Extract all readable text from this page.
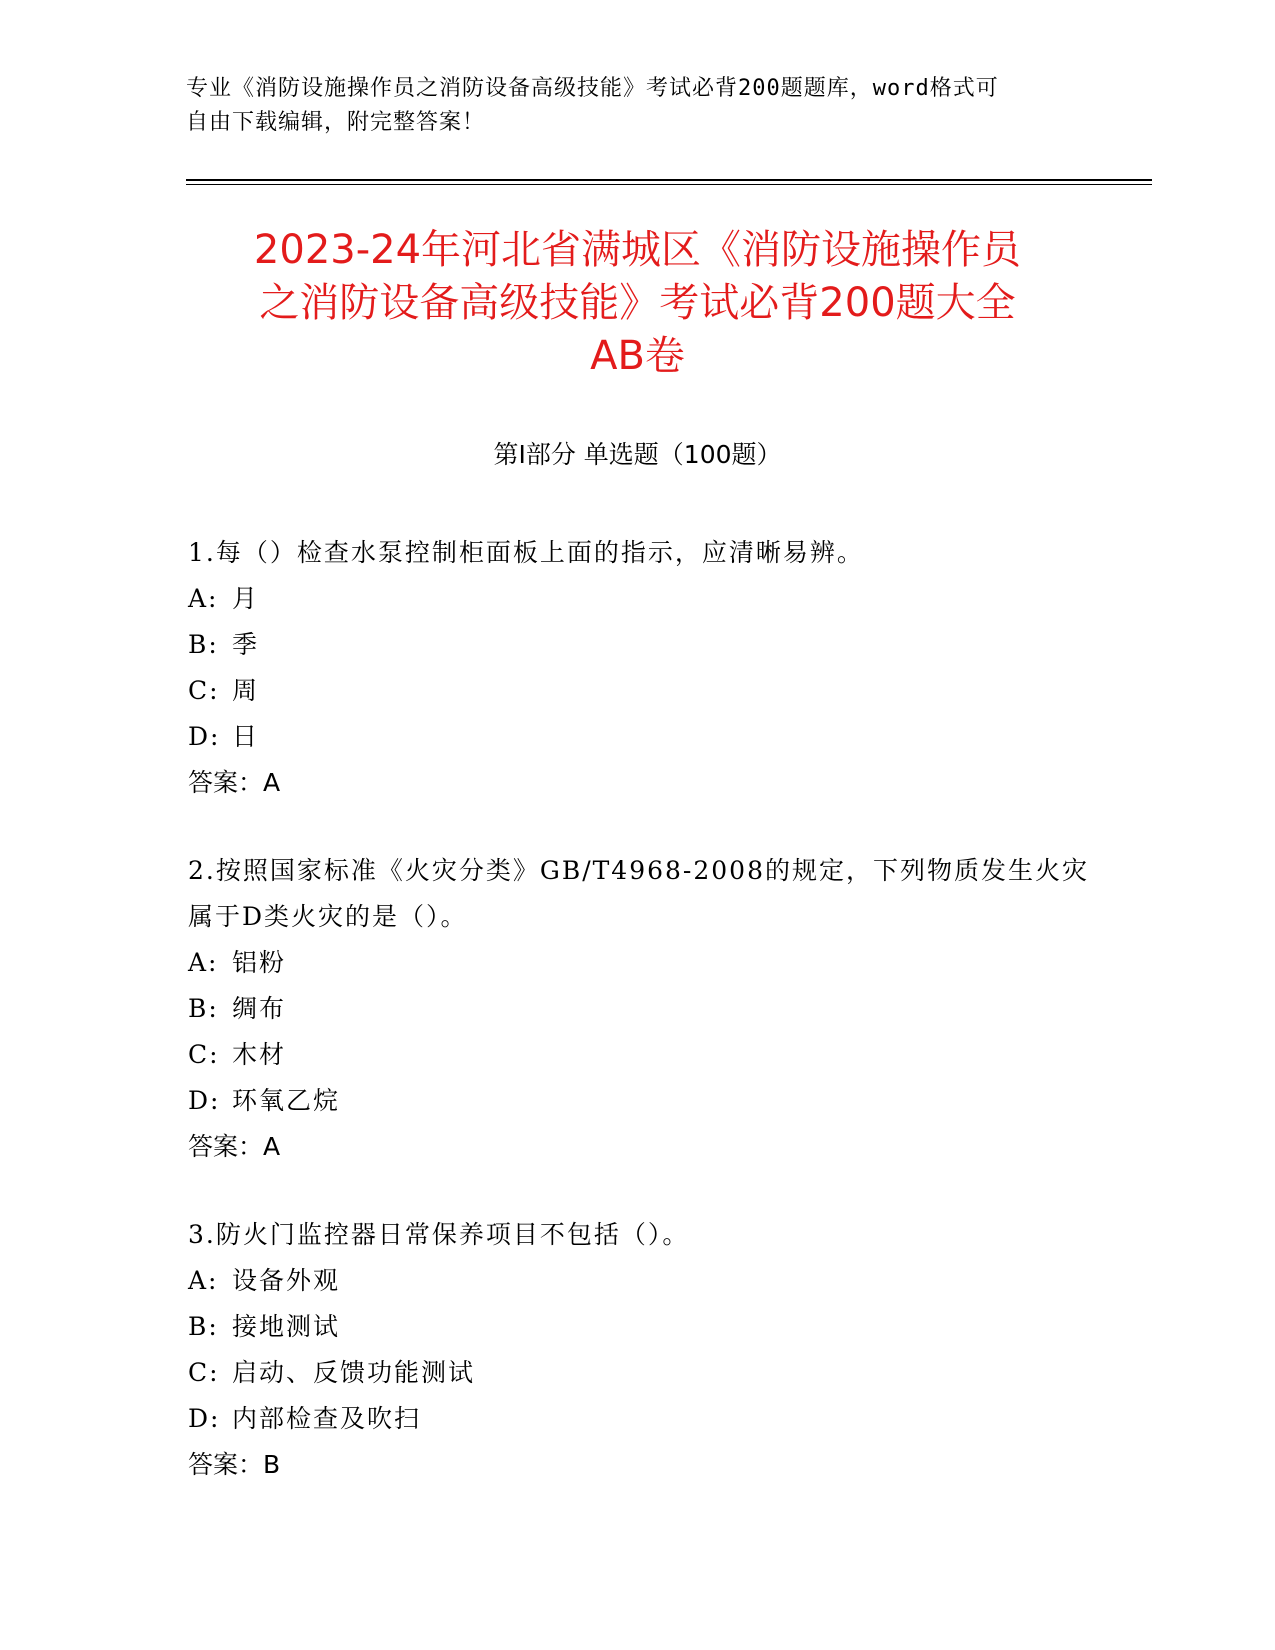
专业《消防设施操作员之消防设备高级技能》考试必背200题题库，word格式可
自由下载编辑，附完整答案！
2023-24年河北省满城区《消防设施操作员
之消防设备高级技能》考试必背200题大全
AB卷
第Ⅰ部分 单选题（100题）
1.每（）检查水泵控制柜面板上面的指示，应清晰易辨。
A: 月
B: 季
C: 周
D: 日
答案：A
2.按照国家标准《火灾分类》GB/T4968-2008的规定，下列物质发生火灾属于D类火灾的是（）。
A: 铝粉
B: 绸布
C: 木材
D: 环氧乙烷
答案：A
3.防火门监控器日常保养项目不包括（）。
A: 设备外观
B: 接地测试
C: 启动、反馈功能测试
D: 内部检查及吹扫
答案：B
